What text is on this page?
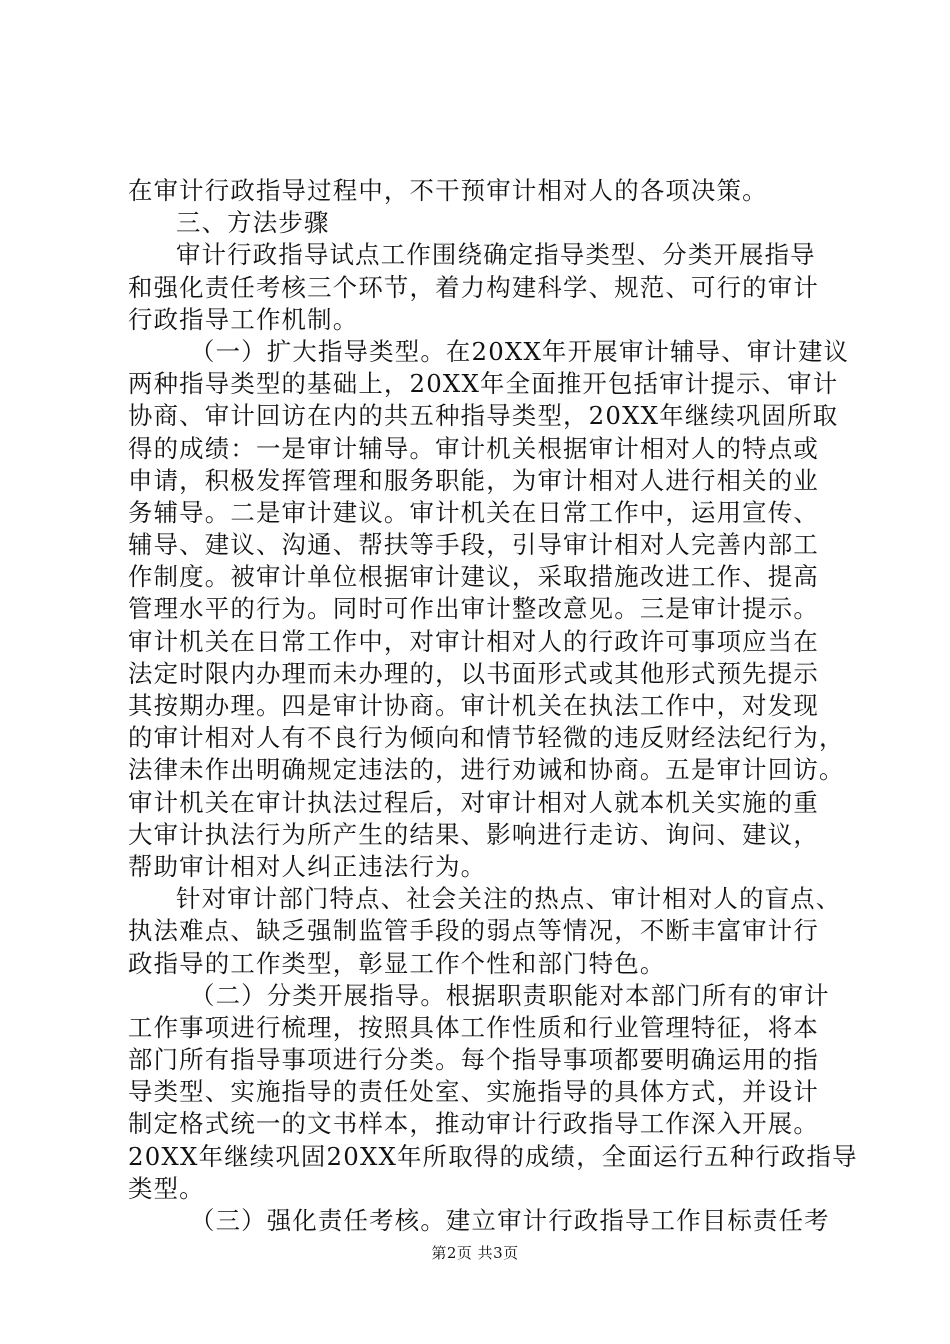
在审计行政指导过程中，不干预审计相对人的各项决策。
三、方法步骤
审计行政指导试点工作围绕确定指导类型、分类开展指导
和强化责任考核三个环节，着力构建科学、规范、可行的审计
行政指导工作机制。
（一）扩大指导类型。在20XX年开展审计辅导、审计建议
两种指导类型的基础上，20XX年全面推开包括审计提示、审计
协商、审计回访在内的共五种指导类型，20XX年继续巩固所取
得的成绩：一是审计辅导。审计机关根据审计相对人的特点或
申请，积极发挥管理和服务职能，为审计相对人进行相关的业
务辅导。二是审计建议。审计机关在日常工作中，运用宣传、
辅导、建议、沟通、帮扶等手段，引导审计相对人完善内部工
作制度。被审计单位根据审计建议，采取措施改进工作、提高
管理水平的行为。同时可作出审计整改意见。三是审计提示。
审计机关在日常工作中，对审计相对人的行政许可事项应当在
法定时限内办理而未办理的，以书面形式或其他形式预先提示
其按期办理。四是审计协商。审计机关在执法工作中，对发现
的审计相对人有不良行为倾向和情节轻微的违反财经法纪行为，
法律未作出明确规定违法的，进行劝诫和协商。五是审计回访。
审计机关在审计执法过程后，对审计相对人就本机关实施的重
大审计执法行为所产生的结果、影响进行走访、询问、建议，
帮助审计相对人纠正违法行为。
针对审计部门特点、社会关注的热点、审计相对人的盲点、
执法难点、缺乏强制监管手段的弱点等情况，不断丰富审计行
政指导的工作类型，彰显工作个性和部门特色。
（二）分类开展指导。根据职责职能对本部门所有的审计
工作事项进行梳理，按照具体工作性质和行业管理特征，将本
部门所有指导事项进行分类。每个指导事项都要明确运用的指
导类型、实施指导的责任处室、实施指导的具体方式，并设计
制定格式统一的文书样本，推动审计行政指导工作深入开展。
20XX年继续巩固20XX年所取得的成绩，全面运行五种行政指导
类型。
（三）强化责任考核。建立审计行政指导工作目标责任考
第2页 共3页
